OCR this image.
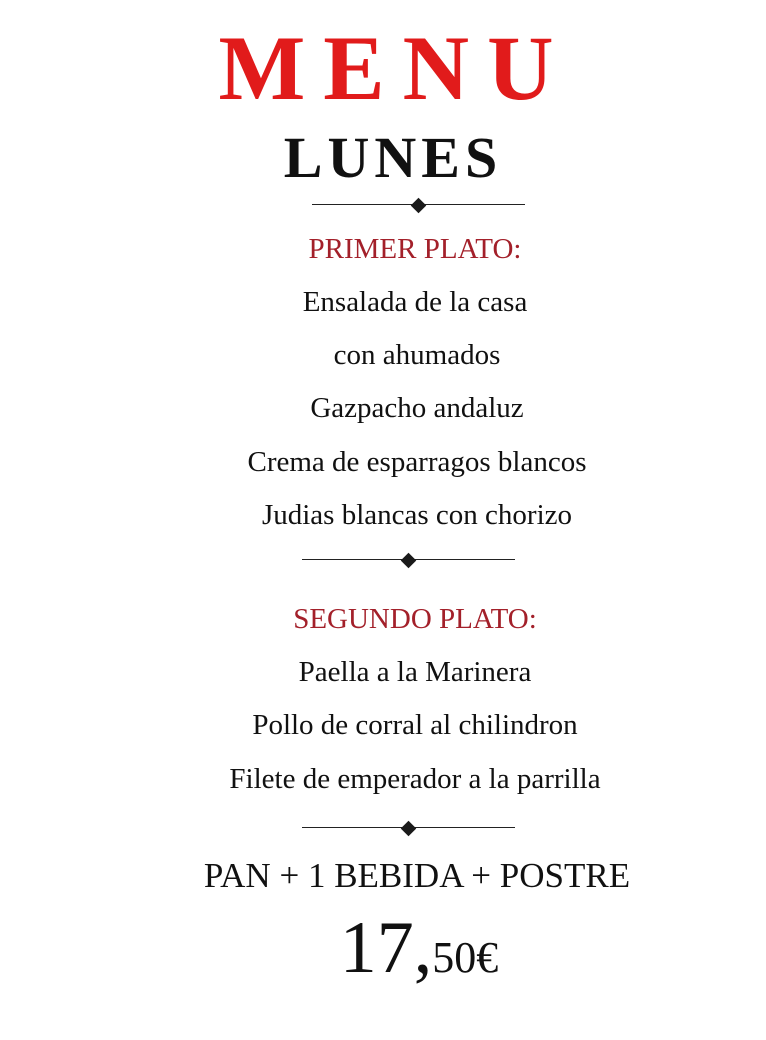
MENU
LUNES
PRIMER PLATO:
Ensalada de la casa
con ahumados
Gazpacho andaluz
Crema de esparragos blancos
Judias blancas con chorizo
SEGUNDO PLATO:
Paella a la Marinera
Pollo de corral al chilindron
Filete de emperador a la parrilla
PAN + 1 BEBIDA + POSTRE
17,50€
